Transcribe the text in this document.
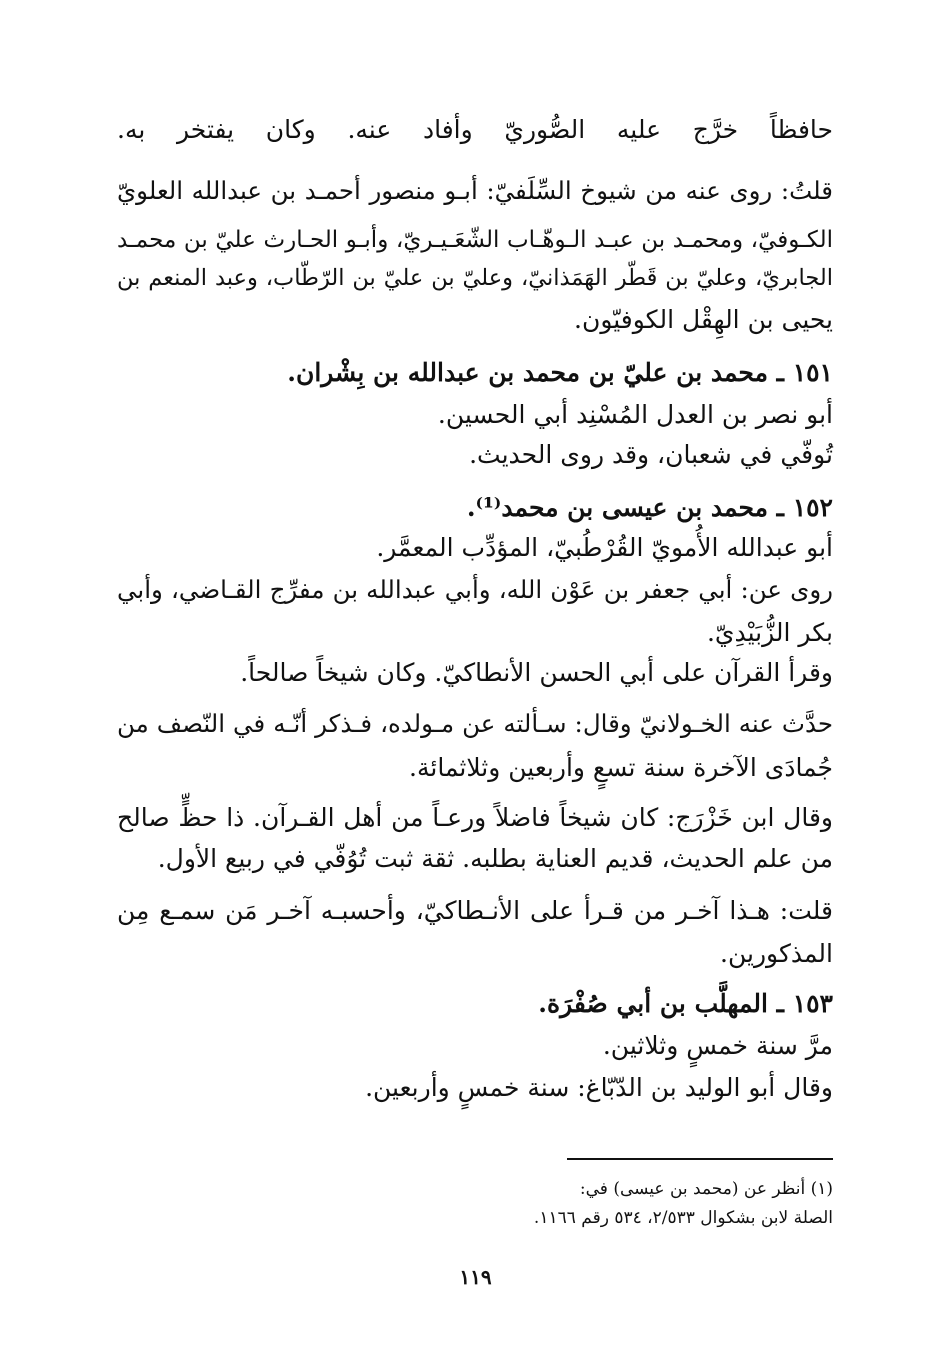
حافظاً خرَّج عليه الصُّوريّ وأفاد عنه. وكان يفتخر به.
قلتُ: روى عنه من شيوخ السِّلَفيّ: أبـو منصور أحمـد بن عبدالله العلويّ
الكـوفيّ، ومحمـد بن عبـد الـوهّـاب الشّعَـيـريّ، وأبـو الحـارث عليّ بن محمـد
الجابريّ، وعليّ بن قَطّر الهَمَذانيّ، وعليّ بن عليّ بن الرّطّاب، وعبد المنعم بن
يحيى بن الهِقْل الكوفيّون.
١٥١ ـ محمد بن عليّ بن محمد بن عبدالله بن بِشْران.
أبو نصر بن العدل المُسْنِد أبي الحسين.
تُوفّي في شعبان، وقد روى الحديث.
١٥٢ ـ محمد بن عيسى بن محمد⁽¹⁾.
أبو عبدالله الأُمويّ القُرْطُبيّ، المؤدِّب المعمَّر.
روى عن: أبي جعفر بن عَوْن الله، وأبي عبدالله بن مفرِّج القـاضي، وأبي
بكر الزُّبَيْدِيّ.
وقرأ القرآن على أبي الحسن الأنطاكيّ. وكان شيخاً صالحاً.
حدَّث عنه الخـولانيّ وقال: سـألته عن مـولده، فـذكر أنّـه في النّصف من
جُمادَى الآخرة سنة تسعٍ وأربعين وثلاثمائة.
وقال ابن خَزْرَج: كان شيخاً فاضلاً ورعـاً من أهل القـرآن. ذا حظٍّ صالح
من علم الحديث، قديم العناية بطلبه. ثقة ثبت تُوُفّي في ربيع الأول.
قلت: هـذا آخـر من قـرأ على الأنـطاكيّ، وأحسبـه آخـر مَن سمـع مِن
المذكورين.
١٥٣ ـ المهلَّب بن أبي صُفْرَة.
مرَّ سنة خمسٍ وثلاثين.
وقال أبو الوليد بن الدّبّاغ: سنة خمسٍ وأربعين.
(١) أنظر عن (محمد بن عيسى) في:
الصلة لابن بشكوال ٢/٥٣٣، ٥٣٤ رقم ١١٦٦.
١١٩
